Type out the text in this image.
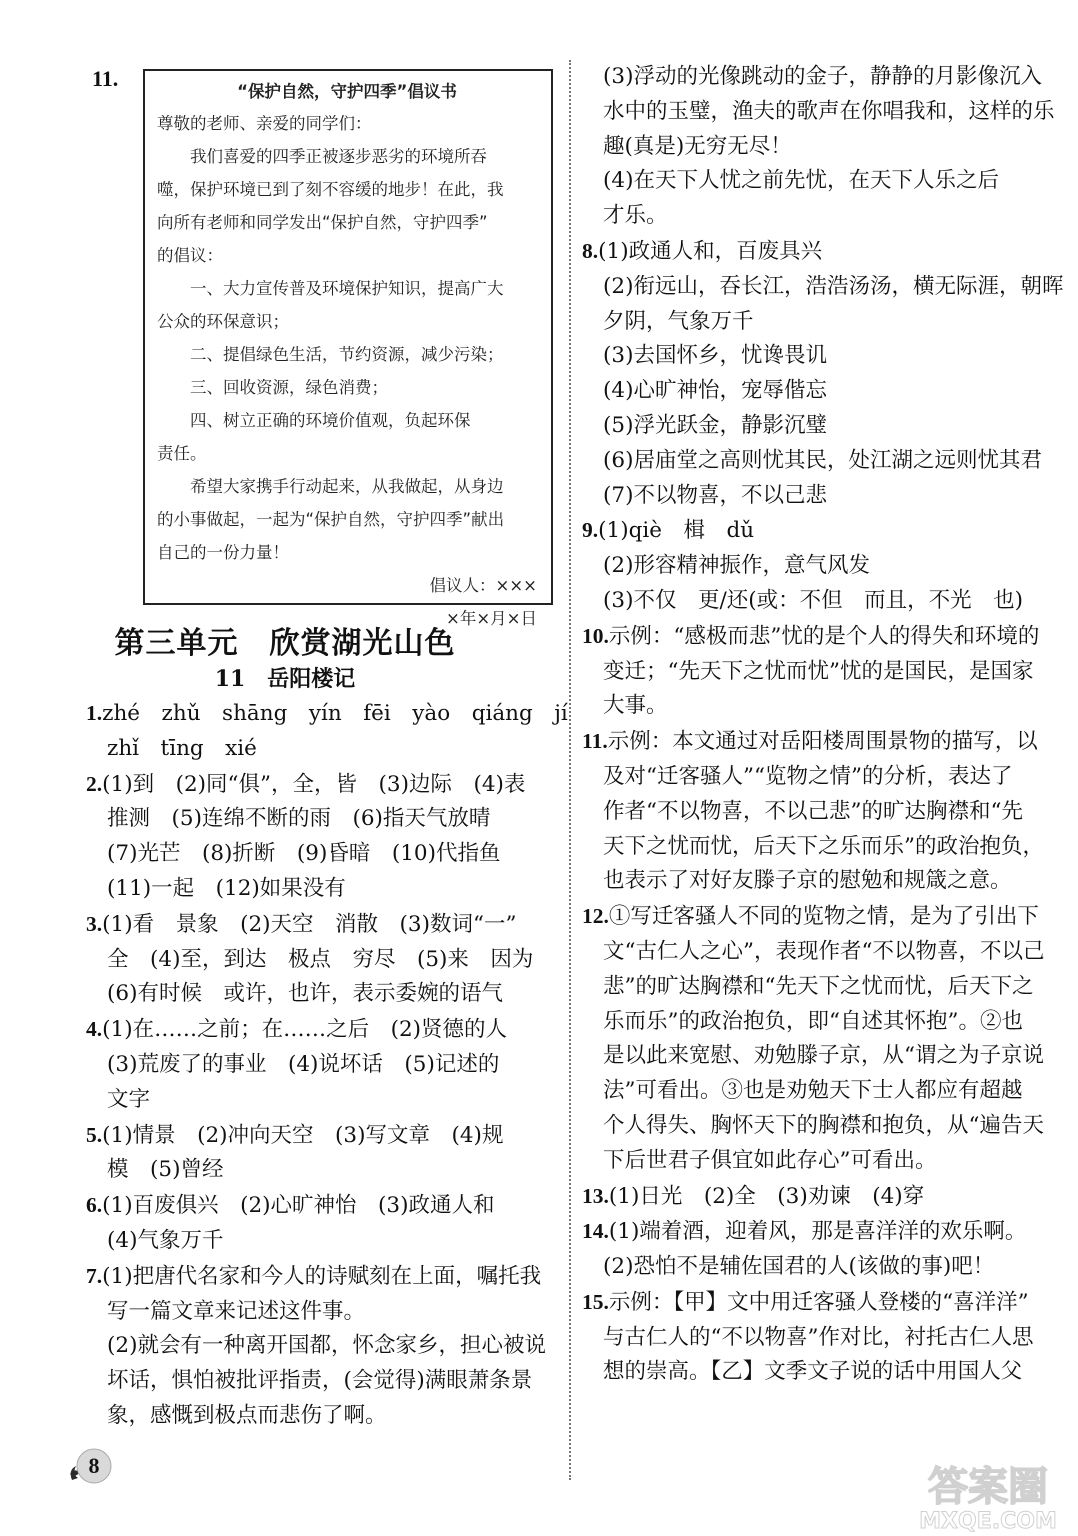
11.
“保护自然，守护四季”倡议书
尊敬的老师、亲爱的同学们：
我们喜爱的四季正被逐步恶劣的环境所吞
噬，保护环境已到了刻不容缓的地步！在此，我
向所有老师和同学发出“保护自然，守护四季”
的倡议：
一、大力宣传普及环境保护知识，提高广大
公众的环保意识；
二、提倡绿色生活，节约资源，减少污染；
三、回收资源，绿色消费；
四、树立正确的环境价值观，负起环保
责任。
希望大家携手行动起来，从我做起，从身边
的小事做起，一起为“保护自然，守护四季”献出
自己的一份力量！
倡议人：×××
×年×月×日
第三单元　欣赏湖光山色
11　岳阳楼记
1.zhé　zhǔ　shāng　yín　fēi　yào　qiáng　jí
zhǐ　tīng　xié
2.(1)到　(2)同“俱”，全，皆　(3)边际　(4)表
推测　(5)连绵不断的雨　(6)指天气放晴
(7)光芒　(8)折断　(9)昏暗　(10)代指鱼
(11)一起　(12)如果没有
3.(1)看　景象　(2)天空　消散　(3)数词“一”
全　(4)至，到达　极点　穷尽　(5)来　因为
(6)有时候　或许，也许，表示委婉的语气
4.(1)在……之前；在……之后　(2)贤德的人
(3)荒废了的事业　(4)说坏话　(5)记述的
文字
5.(1)情景　(2)冲向天空　(3)写文章　(4)规
模　(5)曾经
6.(1)百废俱兴　(2)心旷神怡　(3)政通人和
(4)气象万千
7.(1)把唐代名家和今人的诗赋刻在上面，嘱托我
写一篇文章来记述这件事。
(2)就会有一种离开国都，怀念家乡，担心被说
坏话，惧怕被批评指责，(会觉得)满眼萧条景
象，感慨到极点而悲伤了啊。
(3)浮动的光像跳动的金子，静静的月影像沉入
水中的玉璧，渔夫的歌声在你唱我和，这样的乐
趣(真是)无穷无尽！
(4)在天下人忧之前先忧，在天下人乐之后
才乐。
8.(1)政通人和，百废具兴
(2)衔远山，吞长江，浩浩汤汤，横无际涯，朝晖
夕阴，气象万千
(3)去国怀乡，忧谗畏讥
(4)心旷神怡，宠辱偕忘
(5)浮光跃金，静影沉璧
(6)居庙堂之高则忧其民，处江湖之远则忧其君
(7)不以物喜，不以己悲
9.(1)qiè　楫　dǔ
(2)形容精神振作，意气风发
(3)不仅　更/还(或：不但　而且，不光　也)
10.示例：“感极而悲”忧的是个人的得失和环境的
变迁；“先天下之忧而忧”忧的是国民，是国家
大事。
11.示例：本文通过对岳阳楼周围景物的描写，以
及对“迁客骚人”“览物之情”的分析，表达了
作者“不以物喜，不以己悲”的旷达胸襟和“先
天下之忧而忧，后天下之乐而乐”的政治抱负，
也表示了对好友滕子京的慰勉和规箴之意。
12.①写迁客骚人不同的览物之情，是为了引出下
文“古仁人之心”，表现作者“不以物喜，不以己
悲”的旷达胸襟和“先天下之忧而忧，后天下之
乐而乐”的政治抱负，即“自述其怀抱”。②也
是以此来宽慰、劝勉滕子京，从“谓之为子京说
法”可看出。③也是劝勉天下士人都应有超越
个人得失、胸怀天下的胸襟和抱负，从“遍告天
下后世君子俱宜如此存心”可看出。
13.(1)日光　(2)全　(3)劝谏　(4)穿
14.(1)端着酒，迎着风，那是喜洋洋的欢乐啊。
(2)恐怕不是辅佐国君的人(该做的事)吧！
15.示例：【甲】文中用迁客骚人登楼的“喜洋洋”
与古仁人的“不以物喜”作对比，衬托古仁人思
想的崇高。【乙】文季文子说的话中用国人父
8	答案圈
MXQE.COM
